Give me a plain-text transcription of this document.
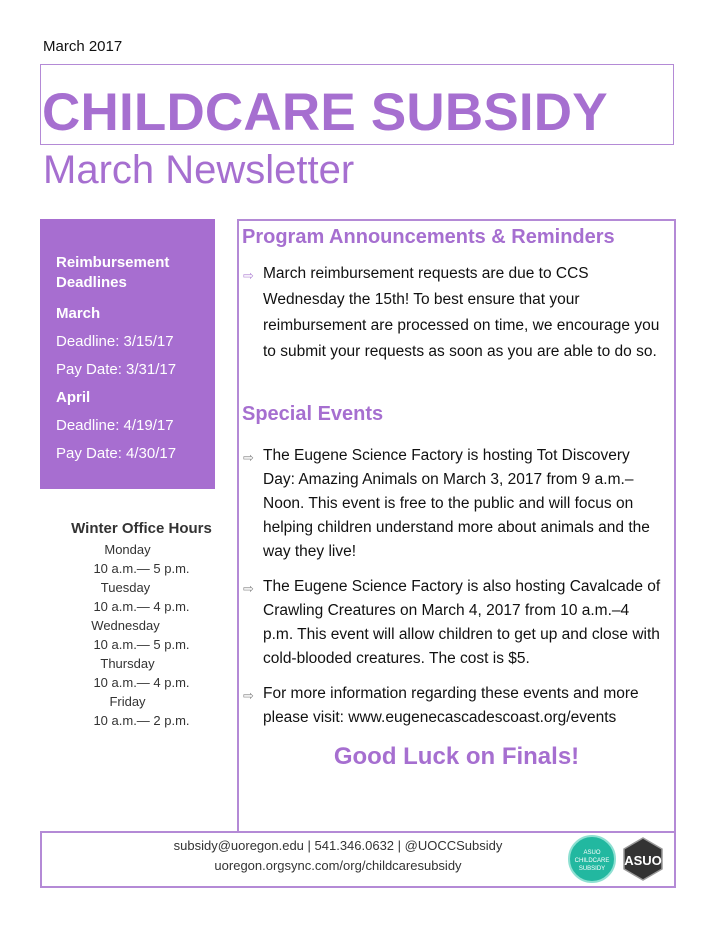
March 2017
CHILDCARE SUBSIDY
March Newsletter
Reimbursement
Deadlines
March
Deadline: 3/15/17
Pay Date: 3/31/17
April
Deadline: 4/19/17
Pay Date: 4/30/17
Winter Office Hours
Monday
10 a.m.— 5 p.m.
Tuesday
10 a.m.— 4 p.m.
Wednesday
10 a.m.— 5 p.m.
Thursday
10 a.m.— 4 p.m.
Friday
10 a.m.— 2 p.m.
Program Announcements & Reminders
⇨ March reimbursement requests are due to CCS Wednesday the 15th! To best ensure that your reimbursement are processed on time, we encourage you to submit your requests as soon as you are able to do so.
Special Events
⇨ The Eugene Science Factory is hosting Tot Discovery Day: Amazing Animals on March 3, 2017 from 9 a.m.–Noon. This event is free to the public and will focus on helping children understand more about animals and the way they live!
⇨ The Eugene Science Factory is also hosting Cavalcade of Crawling Creatures on March 4, 2017 from 10 a.m.–4 p.m. This event will allow children to get up and close with cold-blooded creatures. The cost is $5.
⇨ For more information regarding these events and more please visit: www.eugenecascadescoast.org/events
Good Luck on Finals!
subsidy@uoregon.edu | 541.346.0632 | @UOCCSubsidy
uoregon.orgsync.com/org/childcaresubsidy
ASUO CHILDCARE SUBSIDY
ASUO
